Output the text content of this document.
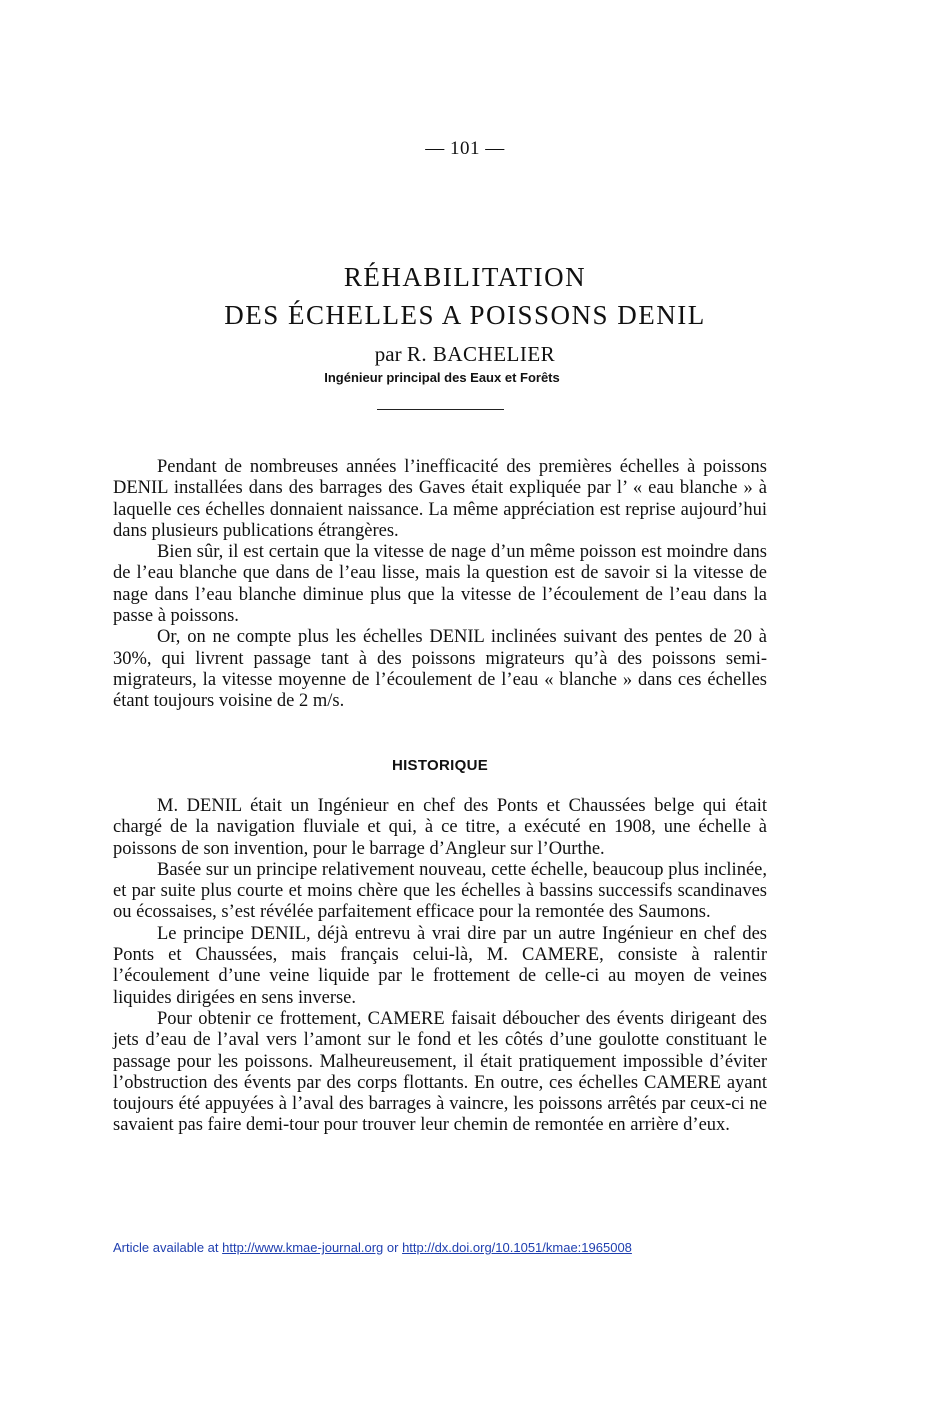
— 101 —

RÉHABILITATION

DES ÉCHELLES A POISSONS DENIL

par R. BACHELIER
Ingénieur principal des Eaux et Forêts

Pendant de nombreuses années l’inefficacité des premières échelles à poissons DENIL installées dans des barrages des Gaves était expliquée par l’ « eau blanche » à laquelle ces échelles donnaient naissance. La même appréciation est reprise aujourd’hui dans plusieurs publications étrangères.

Bien sûr, il est certain que la vitesse de nage d’un même poisson est moindre dans de l’eau blanche que dans de l’eau lisse, mais la question est de savoir si la vitesse de nage dans l’eau blanche diminue plus que la vitesse de l’écoulement de l’eau dans la passe à poissons.

Or, on ne compte plus les échelles DENIL inclinées suivant des pentes de 20 à 30%, qui livrent passage tant à des poissons migrateurs qu’à des poissons semi-migrateurs, la vitesse moyenne de l’écoulement de l’eau « blanche » dans ces échelles étant toujours voisine de 2 m/s.

HISTORIQUE

M. DENIL était un Ingénieur en chef des Ponts et Chaussées belge qui était chargé de la navigation fluviale et qui, à ce titre, a exécuté en 1908, une échelle à poissons de son invention, pour le barrage d’Angleur sur l’Ourthe.

Basée sur un principe relativement nouveau, cette échelle, beaucoup plus inclinée, et par suite plus courte et moins chère que les échelles à bassins successifs scandinaves ou écossaises, s’est révélée parfaitement efficace pour la remontée des Saumons.

Le principe DENIL, déjà entrevu à vrai dire par un autre Ingénieur en chef des Ponts et Chaussées, mais français celui-là, M. CAMERE, consiste à ralentir l’écoulement d’une veine liquide par le frottement de celle-ci au moyen de veines liquides dirigées en sens inverse.

Pour obtenir ce frottement, CAMERE faisait déboucher des évents dirigeant des jets d’eau de l’aval vers l’amont sur le fond et les côtés d’une goulotte constituant le passage pour les poissons. Malheureusement, il était pratiquement impossible d’éviter l’obstruction des évents par des corps flottants. En outre, ces échelles CAMERE ayant toujours été appuyées à l’aval des barrages à vaincre, les poissons arrêtés par ceux-ci ne savaient pas faire demi-tour pour trouver leur chemin de remontée en arrière d’eux.

Article available at http://www.kmae-journal.org or http://dx.doi.org/10.1051/kmae:1965008
